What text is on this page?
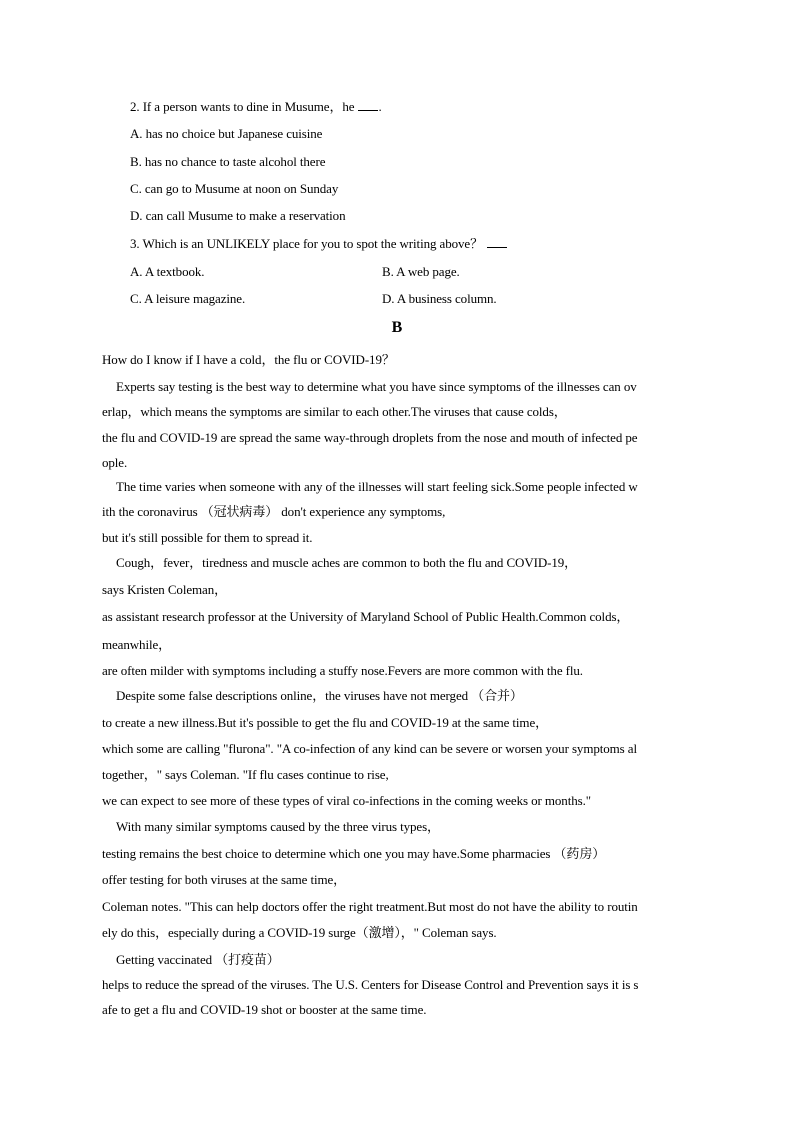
2. If a person wants to dine in Musume，he .

A. has no choice but Japanese cuisine

B. has no chance to taste alcohol there

C. can go to Musume at noon on Sunday

D. can call Musume to make a reservation

3. Which is an UNLIKELY place for you to spot the writing above？

A. A textbook.	B. A web page.

C. A leisure magazine.	D. A business column.

B

How do I know if I have a cold，the flu or COVID-19？

Experts say testing is the best way to determine what you have since symptoms of the illnesses can ov

erlap，which means the symptoms are similar to each other.The viruses that cause colds，

the flu and COVID-19 are spread the same way-through droplets from the nose and mouth of infected pe

ople.

The time varies when someone with any of the illnesses will start feeling sick.Some people infected w

ith the coronavirus （冠状病毒） don't experience any symptoms,

but it's still possible for them to spread it.

Cough，fever，tiredness and muscle aches are common to both the flu and COVID-19，

says Kristen Coleman，

as assistant research professor at the University of Maryland School of Public Health.Common colds，

meanwhile，

are often milder with symptoms including a stuffy nose.Fevers are more common with the flu.

Despite some false descriptions online，the viruses have not merged （合并）

to create a new illness.But it's possible to get the flu and COVID-19 at the same time，

which some are calling "flurona". "A co-infection of any kind can be severe or worsen your symptoms al

together，" says Coleman. "If flu cases continue to rise,

we can expect to see more of these types of viral co-infections in the coming weeks or months."

With many similar symptoms caused by the three virus types，

testing remains the best choice to determine which one you may have.Some pharmacies （药房）

offer testing for both viruses at the same time，

Coleman notes. "This can help doctors offer the right treatment.But most do not have the ability to routin

ely do this，especially during a COVID-19 surge（激增），" Coleman says.

Getting vaccinated （打疫苗）

helps to reduce the spread of the viruses. The U.S. Centers for Disease Control and Prevention says it is s

afe to get a flu and COVID-19 shot or booster at the same time.
